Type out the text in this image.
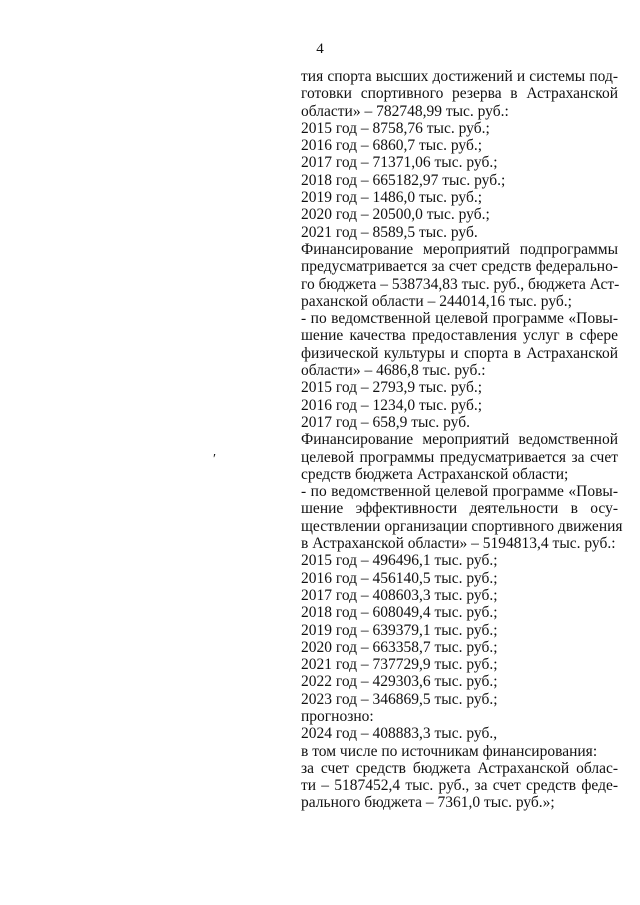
4
′
тия спорта высших достижений и системы под-
готовки спортивного резерва в Астраханской
области» – 782748,99 тыс. руб.:
2015 год – 8758,76 тыс. руб.;
2016 год – 6860,7 тыс. руб.;
2017 год – 71371,06 тыс. руб.;
2018 год – 665182,97 тыс. руб.;
2019 год – 1486,0 тыс. руб.;
2020 год – 20500,0 тыс. руб.;
2021 год – 8589,5 тыс. руб.
Финансирование мероприятий подпрограммы
предусматривается за счет средств федерально-
го бюджета – 538734,83 тыс. руб., бюджета Аст-
раханской области – 244014,16 тыс. руб.;
- по ведомственной целевой программе «Повы-
шение качества предоставления услуг в сфере
физической культуры и спорта в Астраханской
области» – 4686,8 тыс. руб.:
2015 год – 2793,9 тыс. руб.;
2016 год – 1234,0 тыс. руб.;
2017 год – 658,9 тыс. руб.
Финансирование мероприятий ведомственной
целевой программы предусматривается за счет
средств бюджета Астраханской области;
- по ведомственной целевой программе «Повы-
шение эффективности деятельности в осу-
ществлении организации спортивного движения
в Астраханской области» – 5194813,4 тыс. руб.:
2015 год – 496496,1 тыс. руб.;
2016 год – 456140,5 тыс. руб.;
2017 год – 408603,3 тыс. руб.;
2018 год – 608049,4 тыс. руб.;
2019 год – 639379,1 тыс. руб.;
2020 год – 663358,7 тыс. руб.;
2021 год – 737729,9 тыс. руб.;
2022 год – 429303,6 тыс. руб.;
2023 год – 346869,5 тыс. руб.;
прогнозно:
2024 год – 408883,3 тыс. руб.,
в том числе по источникам финансирования:
за счет средств бюджета Астраханской облас-
ти – 5187452,4 тыс. руб., за счет средств феде-
рального бюджета – 7361,0 тыс. руб.»;
